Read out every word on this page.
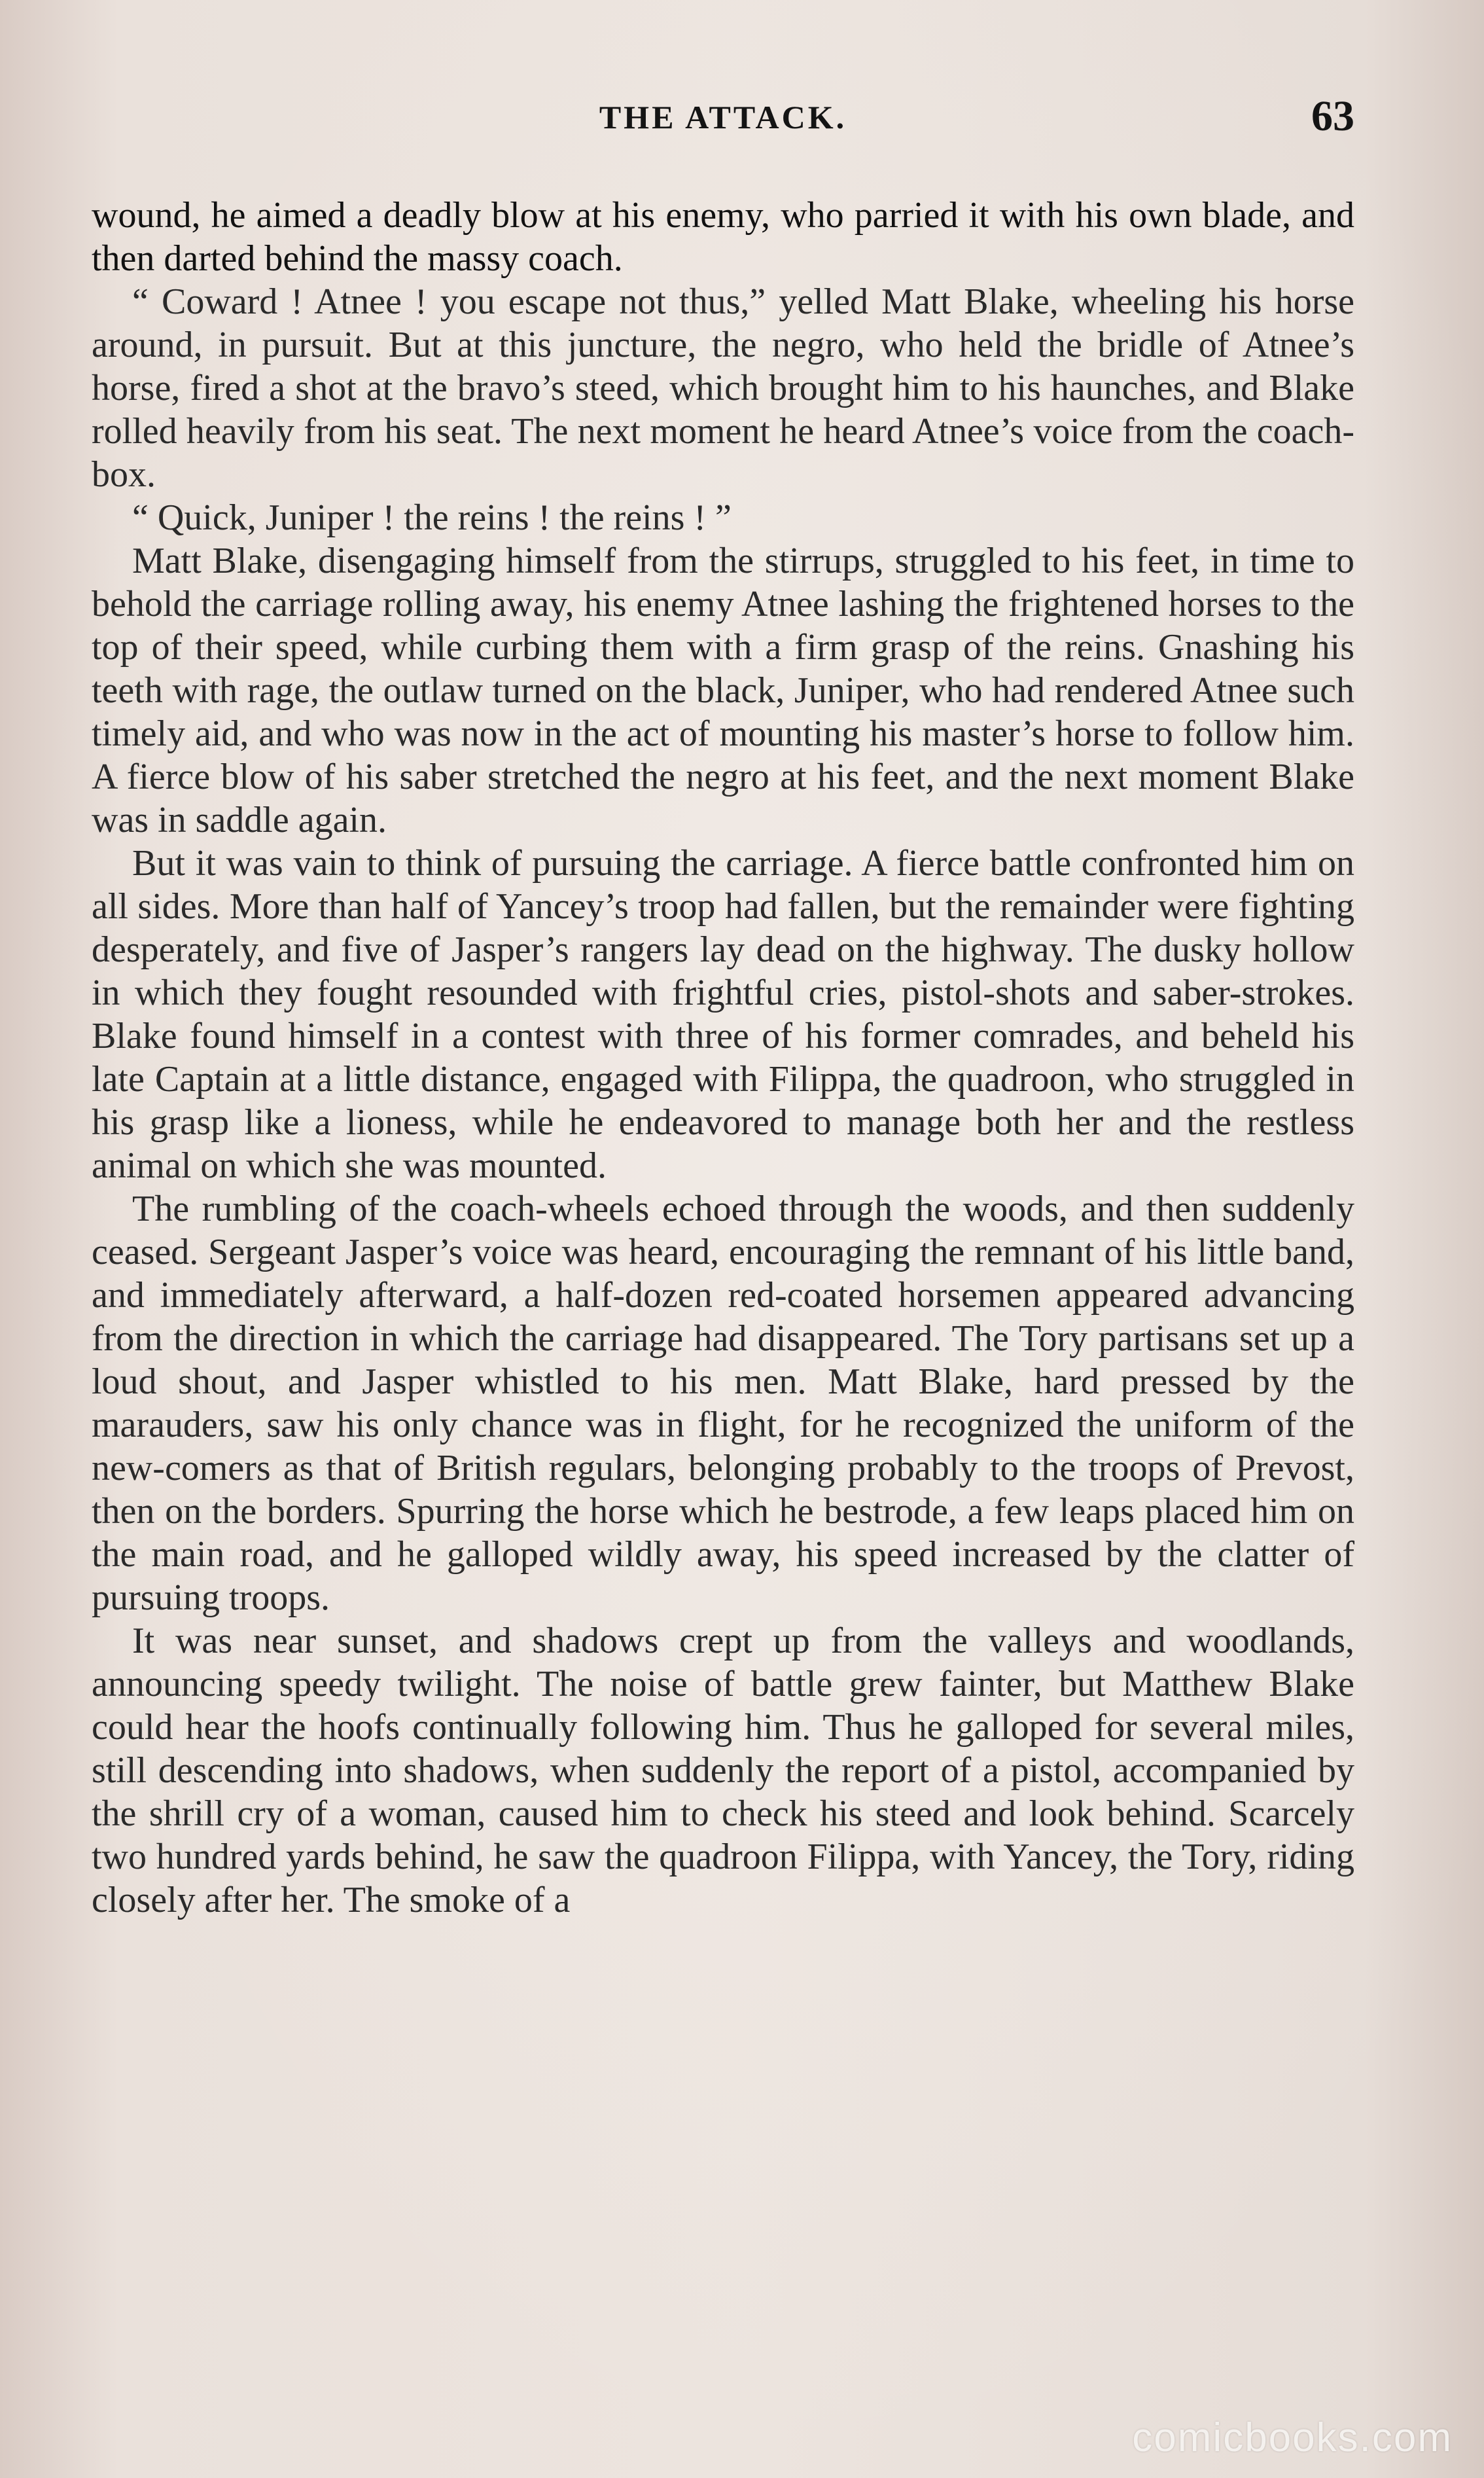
THE ATTACK.	63

wound, he aimed a deadly blow at his enemy, who parried it with his own blade, and then darted behind the massy coach.

“ Coward ! Atnee ! you escape not thus,” yelled Matt Blake, wheeling his horse around, in pursuit. But at this juncture, the negro, who held the bridle of Atnee’s horse, fired a shot at the bravo’s steed, which brought him to his haunches, and Blake rolled heavily from his seat. The next moment he heard Atnee’s voice from the coach-box.

“ Quick, Juniper ! the reins ! the reins ! ”

Matt Blake, disengaging himself from the stirrups, struggled to his feet, in time to behold the carriage rolling away, his enemy Atnee lashing the frightened horses to the top of their speed, while curbing them with a firm grasp of the reins. Gnashing his teeth with rage, the outlaw turned on the black, Juniper, who had rendered Atnee such timely aid, and who was now in the act of mounting his master’s horse to follow him. A fierce blow of his saber stretched the negro at his feet, and the next moment Blake was in saddle again.

But it was vain to think of pursuing the carriage. A fierce battle confronted him on all sides. More than half of Yancey’s troop had fallen, but the remainder were fighting desperately, and five of Jasper’s rangers lay dead on the highway. The dusky hollow in which they fought resounded with frightful cries, pistol-shots and saber-strokes. Blake found himself in a contest with three of his former comrades, and beheld his late Captain at a little distance, engaged with Filippa, the quadroon, who struggled in his grasp like a lioness, while he endeavored to manage both her and the restless animal on which she was mounted.

The rumbling of the coach-wheels echoed through the woods, and then suddenly ceased. Sergeant Jasper’s voice was heard, encouraging the remnant of his little band, and immediately afterward, a half-dozen red-coated horsemen appeared advancing from the direction in which the carriage had disappeared. The Tory partisans set up a loud shout, and Jasper whistled to his men. Matt Blake, hard pressed by the marauders, saw his only chance was in flight, for he recognized the uniform of the new-comers as that of British regulars, belonging probably to the troops of Prevost, then on the borders. Spurring the horse which he bestrode, a few leaps placed him on the main road, and he galloped wildly away, his speed increased by the clatter of pursuing troops.

It was near sunset, and shadows crept up from the valleys and woodlands, announcing speedy twilight. The noise of battle grew fainter, but Matthew Blake could hear the hoofs continually following him. Thus he galloped for several miles, still descending into shadows, when suddenly the report of a pistol, accompanied by the shrill cry of a woman, caused him to check his steed and look behind. Scarcely two hundred yards behind, he saw the quadroon Filippa, with Yancey, the Tory, riding closely after her. The smoke of a

comicbooks.com
